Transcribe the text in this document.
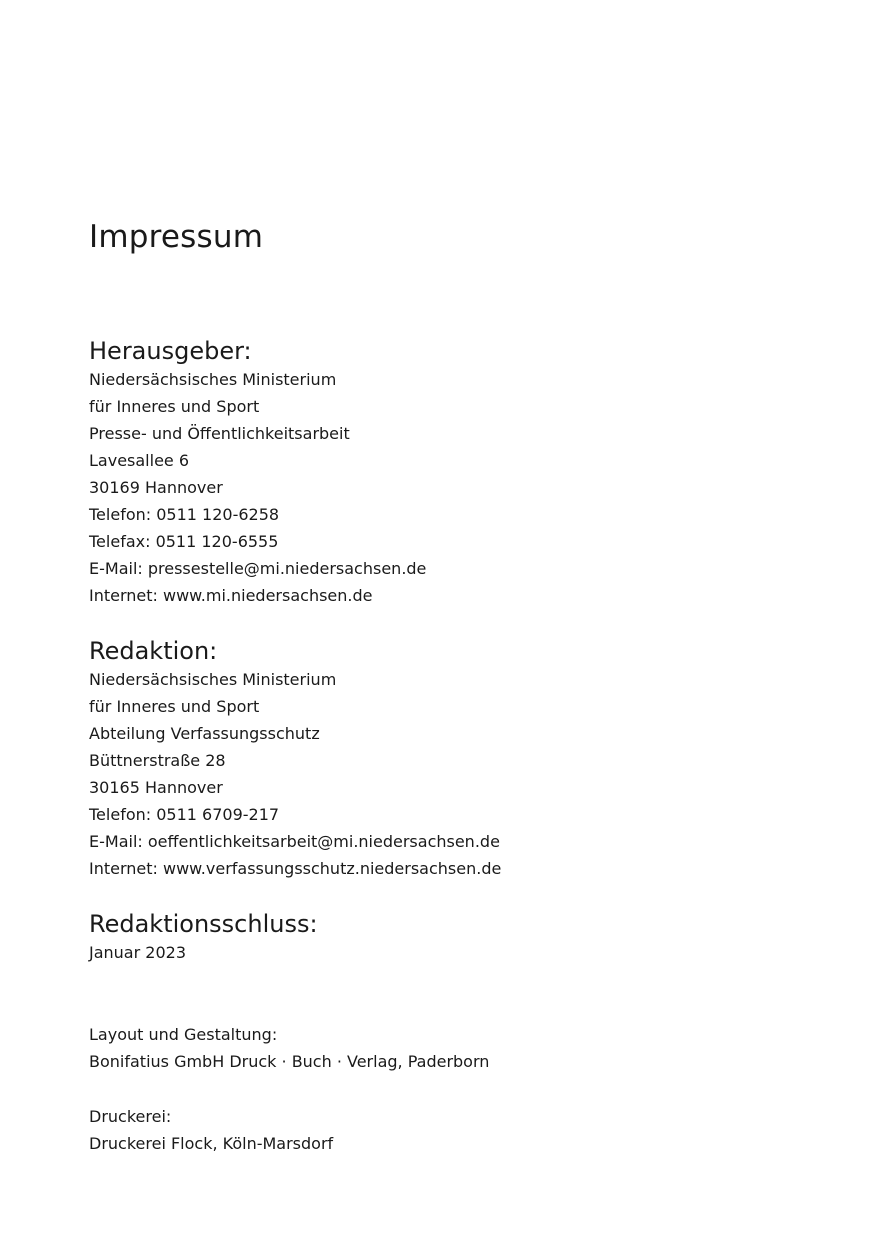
Impressum
Herausgeber:
Niedersächsisches Ministerium
für Inneres und Sport
Presse- und Öffentlichkeitsarbeit
Lavesallee 6
30169 Hannover
Telefon: 0511 120-6258
Telefax: 0511 120-6555
E-Mail: pressestelle@mi.niedersachsen.de
Internet: www.mi.niedersachsen.de
Redaktion:
Niedersächsisches Ministerium
für Inneres und Sport
Abteilung Verfassungsschutz
Büttnerstraße 28
30165 Hannover
Telefon: 0511 6709-217
E-Mail: oeffentlichkeitsarbeit@mi.niedersachsen.de
Internet: www.verfassungsschutz.niedersachsen.de
Redaktionsschluss:
Januar 2023
Layout und Gestaltung:
Bonifatius GmbH Druck · Buch · Verlag, Paderborn
Druckerei:
Druckerei Flock, Köln-Marsdorf
